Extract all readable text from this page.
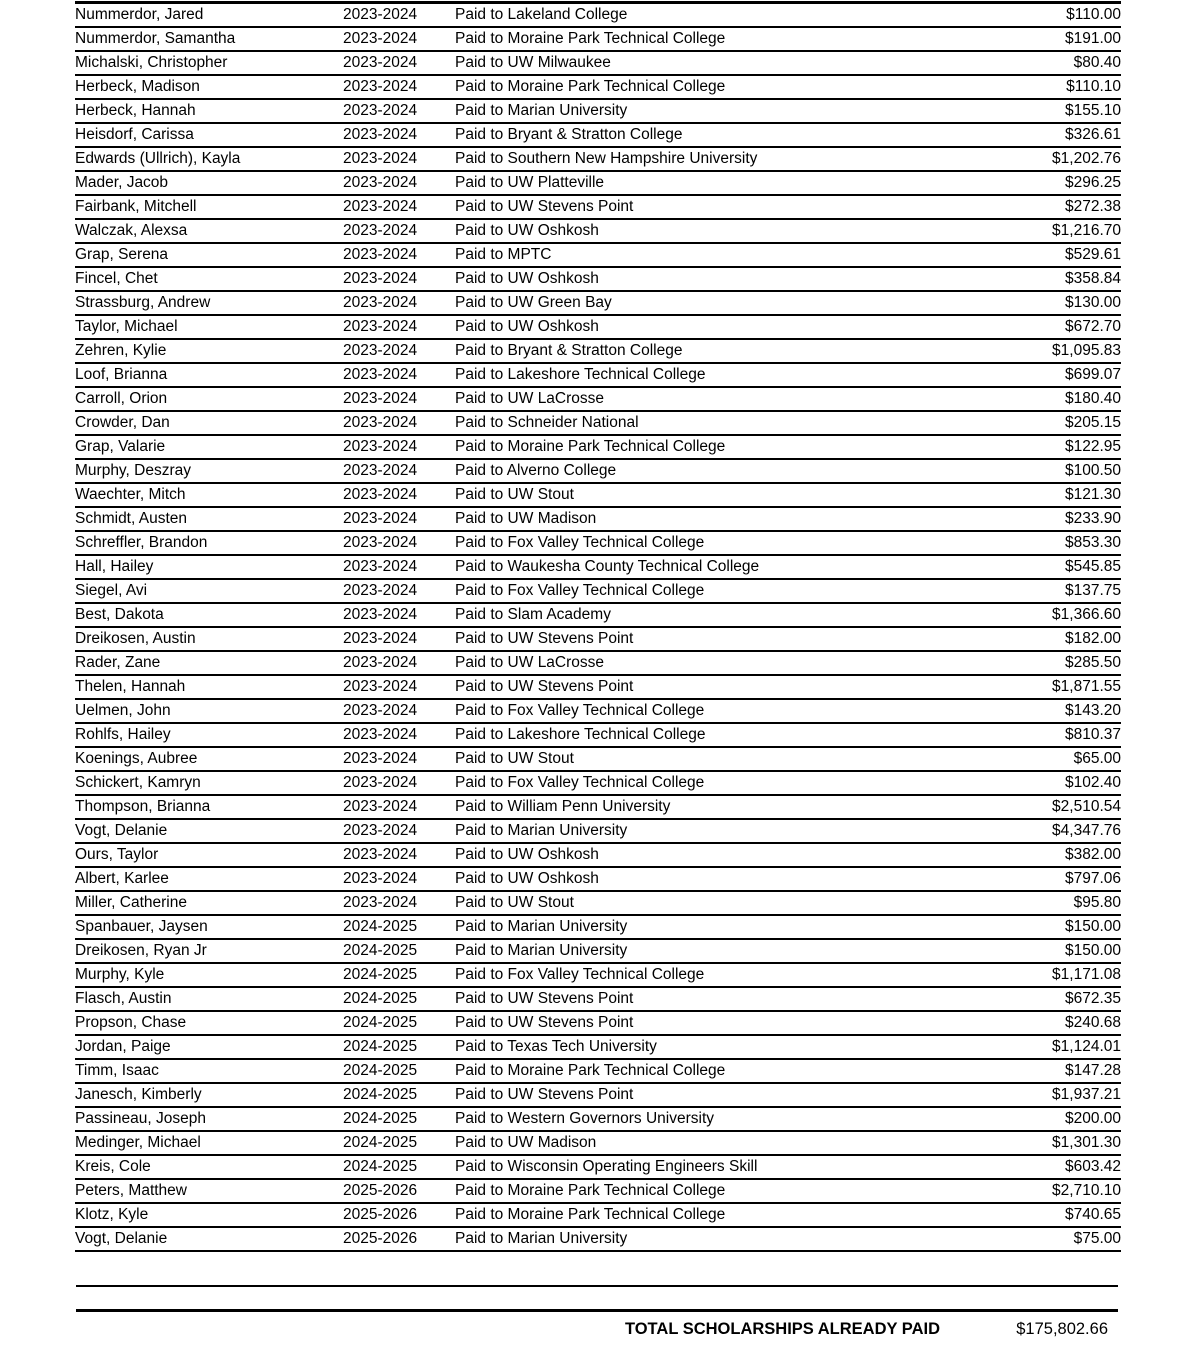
Nummerdor, Jared	2023-2024	Paid to Lakeland College	$110.00
Nummerdor, Samantha	2023-2024	Paid to Moraine Park Technical College	$191.00
Michalski, Christopher	2023-2024	Paid to UW Milwaukee	$80.40
Herbeck, Madison	2023-2024	Paid to Moraine Park Technical College	$110.10
Herbeck, Hannah	2023-2024	Paid to Marian University	$155.10
Heisdorf, Carissa	2023-2024	Paid to Bryant & Stratton College	$326.61
Edwards (Ullrich), Kayla	2023-2024	Paid to Southern New Hampshire University	$1,202.76
Mader, Jacob	2023-2024	Paid to UW Platteville	$296.25
Fairbank, Mitchell	2023-2024	Paid to UW Stevens Point	$272.38
Walczak, Alexsa	2023-2024	Paid to UW Oshkosh	$1,216.70
Grap, Serena	2023-2024	Paid to MPTC	$529.61
Fincel, Chet	2023-2024	Paid to UW Oshkosh	$358.84
Strassburg, Andrew	2023-2024	Paid to UW Green Bay	$130.00
Taylor, Michael	2023-2024	Paid to UW Oshkosh	$672.70
Zehren, Kylie	2023-2024	Paid to Bryant & Stratton College	$1,095.83
Loof, Brianna	2023-2024	Paid to Lakeshore Technical College	$699.07
Carroll, Orion	2023-2024	Paid to UW LaCrosse	$180.40
Crowder, Dan	2023-2024	Paid to Schneider National	$205.15
Grap, Valarie	2023-2024	Paid to Moraine Park Technical College	$122.95
Murphy, Deszray	2023-2024	Paid to Alverno College	$100.50
Waechter, Mitch	2023-2024	Paid to UW Stout	$121.30
Schmidt, Austen	2023-2024	Paid to UW Madison	$233.90
Schreffler, Brandon	2023-2024	Paid to Fox Valley Technical College	$853.30
Hall, Hailey	2023-2024	Paid to Waukesha County Technical College	$545.85
Siegel, Avi	2023-2024	Paid to Fox Valley Technical College	$137.75
Best, Dakota	2023-2024	Paid to Slam Academy	$1,366.60
Dreikosen, Austin	2023-2024	Paid to UW Stevens Point	$182.00
Rader, Zane	2023-2024	Paid to UW LaCrosse	$285.50
Thelen, Hannah	2023-2024	Paid to UW Stevens Point	$1,871.55
Uelmen, John	2023-2024	Paid to Fox Valley Technical College	$143.20
Rohlfs, Hailey	2023-2024	Paid to Lakeshore Technical College	$810.37
Koenings, Aubree	2023-2024	Paid to UW Stout	$65.00
Schickert, Kamryn	2023-2024	Paid to Fox Valley Technical College	$102.40
Thompson, Brianna	2023-2024	Paid to William Penn University	$2,510.54
Vogt, Delanie	2023-2024	Paid to Marian University	$4,347.76
Ours, Taylor	2023-2024	Paid to UW Oshkosh	$382.00
Albert, Karlee	2023-2024	Paid to UW Oshkosh	$797.06
Miller, Catherine	2023-2024	Paid to UW Stout	$95.80
Spanbauer, Jaysen	2024-2025	Paid to Marian University	$150.00
Dreikosen, Ryan Jr	2024-2025	Paid to Marian University	$150.00
Murphy, Kyle	2024-2025	Paid to Fox Valley Technical College	$1,171.08
Flasch, Austin	2024-2025	Paid to UW Stevens Point	$672.35
Propson, Chase	2024-2025	Paid to UW Stevens Point	$240.68
Jordan, Paige	2024-2025	Paid to Texas Tech University	$1,124.01
Timm, Isaac	2024-2025	Paid to Moraine Park Technical College	$147.28
Janesch, Kimberly	2024-2025	Paid to UW Stevens Point	$1,937.21
Passineau, Joseph	2024-2025	Paid to Western Governors University	$200.00
Medinger, Michael	2024-2025	Paid to UW Madison	$1,301.30
Kreis, Cole	2024-2025	Paid to Wisconsin Operating Engineers Skill	$603.42
Peters, Matthew	2025-2026	Paid to Moraine Park Technical College	$2,710.10
Klotz, Kyle	2025-2026	Paid to Moraine Park Technical College	$740.65
Vogt, Delanie	2025-2026	Paid to Marian University	$75.00
TOTAL SCHOLARSHIPS ALREADY PAID	$175,802.66
